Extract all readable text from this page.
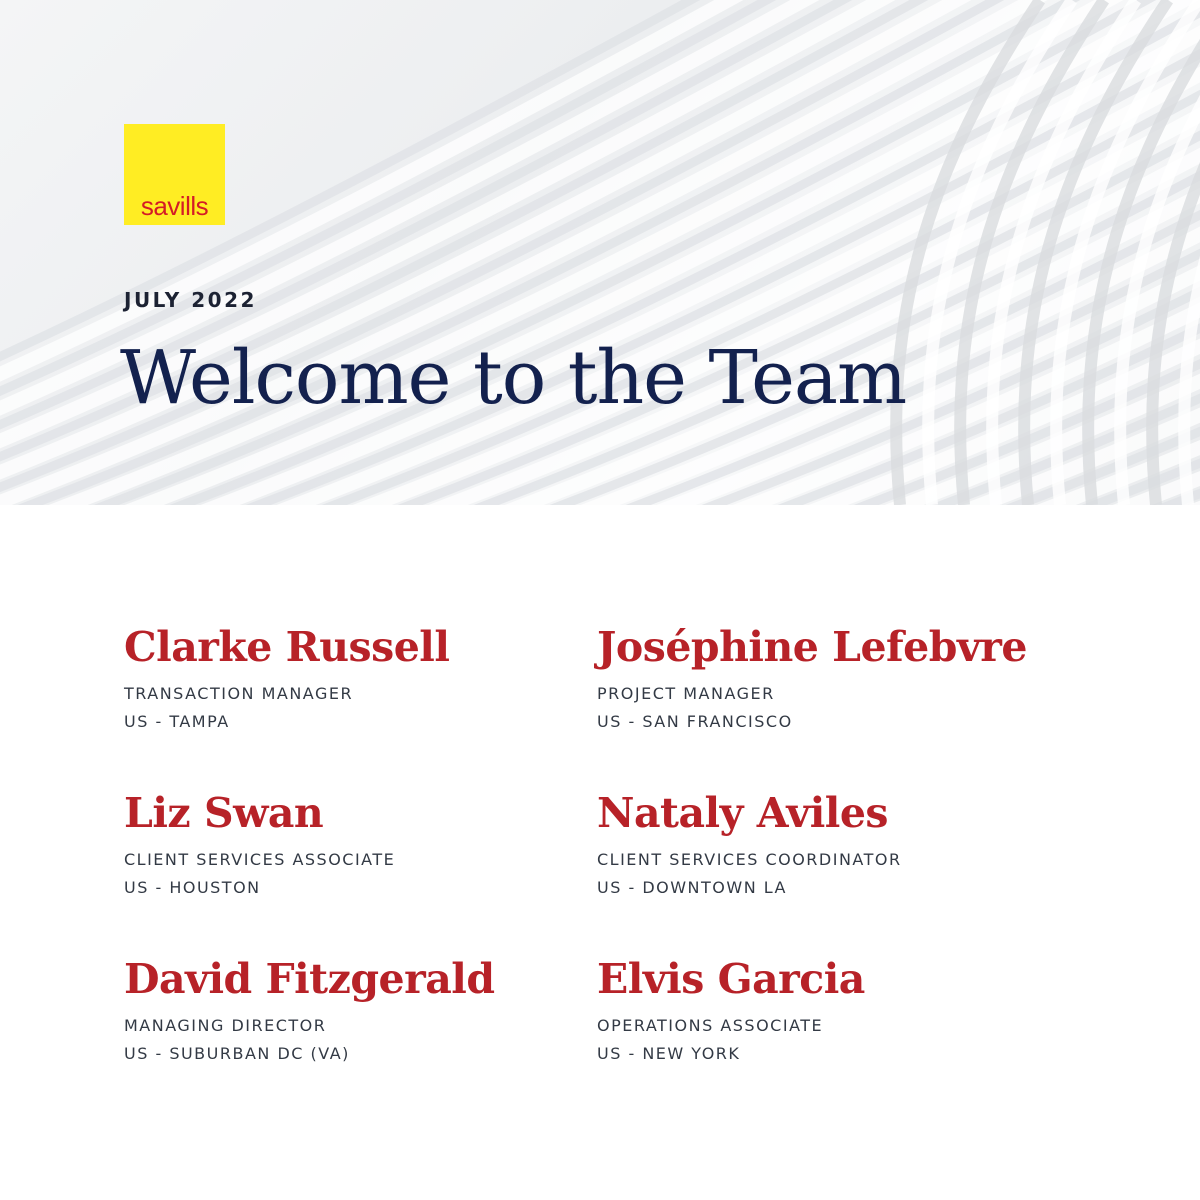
savills
JULY 2022
Welcome to the Team
Clarke Russell
TRANSACTION MANAGER
US - TAMPA
Joséphine Lefebvre
PROJECT MANAGER
US - SAN FRANCISCO
Liz Swan
CLIENT SERVICES ASSOCIATE
US - HOUSTON
Nataly Aviles
CLIENT SERVICES COORDINATOR
US - DOWNTOWN LA
David Fitzgerald
MANAGING DIRECTOR
US - SUBURBAN DC (VA)
Elvis Garcia
OPERATIONS ASSOCIATE
US - NEW YORK
